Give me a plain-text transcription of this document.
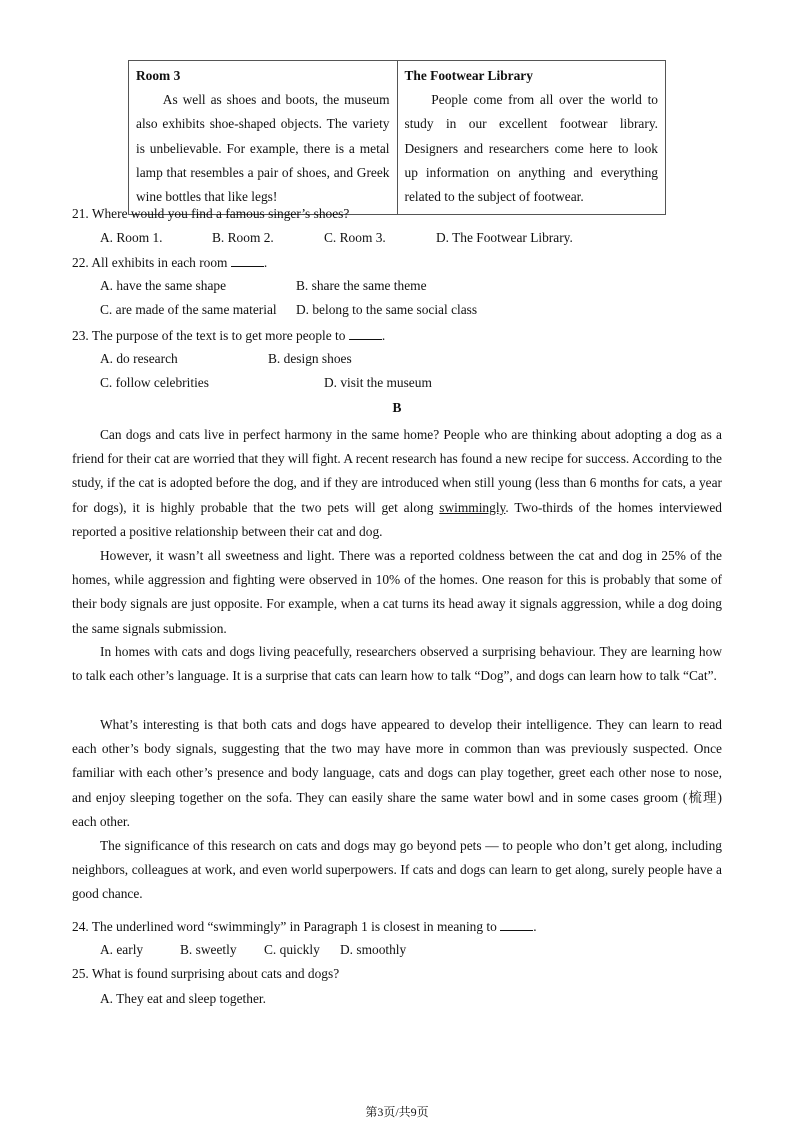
Room 3
As well as shoes and boots, the museum also exhibits shoe-shaped objects. The variety is unbelievable. For example, there is a metal lamp that resembles a pair of shoes, and Greek wine bottles that like legs!

The Footwear Library
People come from all over the world to study in our excellent footwear library. Designers and researchers come here to look up information on anything and everything related to the subject of footwear.
21. Where would you find a famous singer’s shoes?
A. Room 1.	B. Room 2.	C. Room 3.	D. The Footwear Library.
22. All exhibits in each room	.
A. have the same shape	B. share the same theme
C. are made of the same material D. belong to the same social class
23. The purpose of the text is to get more people to	.
A. do research	B. design shoes
C. follow celebrities	D. visit the museum
B
Can dogs and cats live in perfect harmony in the same home? People who are thinking about adopting a dog as a friend for their cat are worried that they will fight. A recent research has found a new recipe for success. According to the study, if the cat is adopted before the dog, and if they are introduced when still young (less than 6 months for cats, a year for dogs), it is highly probable that the two pets will get along swimmingly. Two-thirds of the homes interviewed reported a positive relationship between their cat and dog.
However, it wasn’t all sweetness and light. There was a reported coldness between the cat and dog in 25% of the homes, while aggression and fighting were observed in 10% of the homes. One reason for this is probably that some of their body signals are just opposite. For example, when a cat turns its head away it signals aggression, while a dog doing the same signals submission.
In homes with cats and dogs living peacefully, researchers observed a surprising behaviour. They are learning how to talk each other’s language. It is a surprise that cats can learn how to talk “Dog”, and dogs can learn how to talk “Cat”.
What’s interesting is that both cats and dogs have appeared to develop their intelligence. They can learn to read each other’s body signals, suggesting that the two may have more in common than was previously suspected. Once familiar with each other’s presence and body language, cats and dogs can play together, greet each other nose to nose, and enjoy sleeping together on the sofa. They can easily share the same water bowl and in some cases groom (梳理) each other.
The significance of this research on cats and dogs may go beyond pets — to people who don’t get along, including neighbors, colleagues at work, and even world superpowers. If cats and dogs can learn to get along, surely people have a good chance.
24. The underlined word “swimmingly” in Paragraph 1 is closest in meaning to	.
A. early	B. sweetly C. quickly D. smoothly
25. What is found surprising about cats and dogs?
A. They eat and sleep together.
第3页/共9页
